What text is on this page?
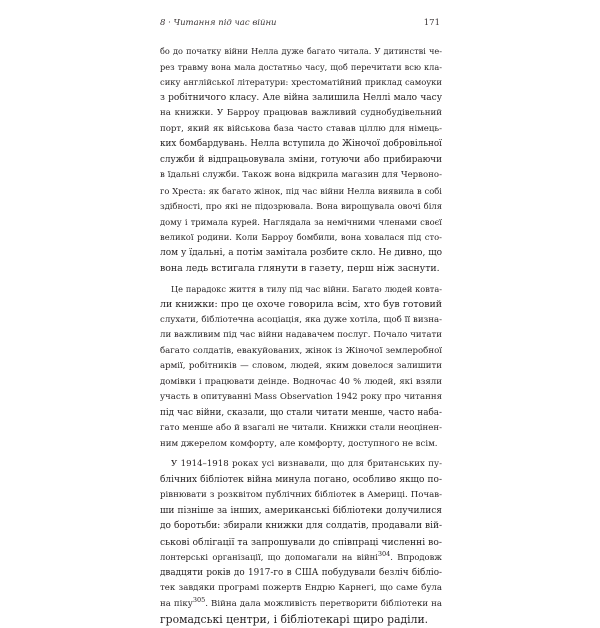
8 · Читання під час війни	171
бо до початку війни Нелла дуже багато читала. У дитинстві че-
рез травму вона мала достатньо часу, щоб перечитати всю кла-
сику англійської літератури: хрестоматійний приклад самоуки
з робітничого класу. Але війна залишила Неллі мало часу
на книжки. У Барроу працював важливий суднобудівельний
порт, який як військова база часто ставав ціллю для німець-
ких бомбардувань. Нелла вступила до Жіночої добровільної
служби й відпрацьовувала зміни, готуючи або прибираючи
в їдальні служби. Також вона відкрила магазин для Червоно-
го Хреста: як багато жінок, під час війни Нелла виявила в собі
здібності, про які не підозрювала. Вона вирощувала овочі біля
дому і тримала курей. Наглядала за немічними членами своєї
великої родини. Коли Барроу бомбили, вона ховалася під сто-
лом у їдальні, а потім замітала розбите скло. Не дивно, що
вона ледь встигала глянути в газету, перш ніж заснути.
Це парадокс життя в тилу під час війни. Багато людей ковта-
ли книжки: про це охоче говорила всім, хто був готовий
слухати, бібліотечна асоціація, яка дуже хотіла, щоб її визна-
ли важливим під час війни надавачем послуг. Почало читати
багато солдатів, евакуйованих, жінок із Жіночої землеробної
армії, робітників — словом, людей, яким довелося залишити
домівки і працювати деінде. Водночас 40 % людей, які взяли
участь в опитуванні Mass Observation 1942 року про читання
під час війни, сказали, що стали читати менше, часто наба-
гато менше або й взагалі не читали. Книжки стали неоцінен-
ним джерелом комфорту, але комфорту, доступного не всім.
У 1914–1918 роках усі визнавали, що для британських пу-
блічних бібліотек війна минула погано, особливо якщо по-
рівнювати з розквітом публічних бібліотек в Америці. Почав-
ши пізніше за інших, американські бібліотеки долучилися
до боротьби: збирали книжки для солдатів, продавали вій-
ськові облігації та запрошували до співпраці численні во-
лонтерські організації, що допомагали на війні$^{304}$. Впродовж
двадцяти років до 1917-го в США побудували безліч бібліо-
тек завдяки програмі пожертв Ендрю Карнегі, що саме була
на піку$^{305}$. Війна дала можливість перетворити бібліотеки на
громадські центри, і бібліотекарі щиро раділи.
